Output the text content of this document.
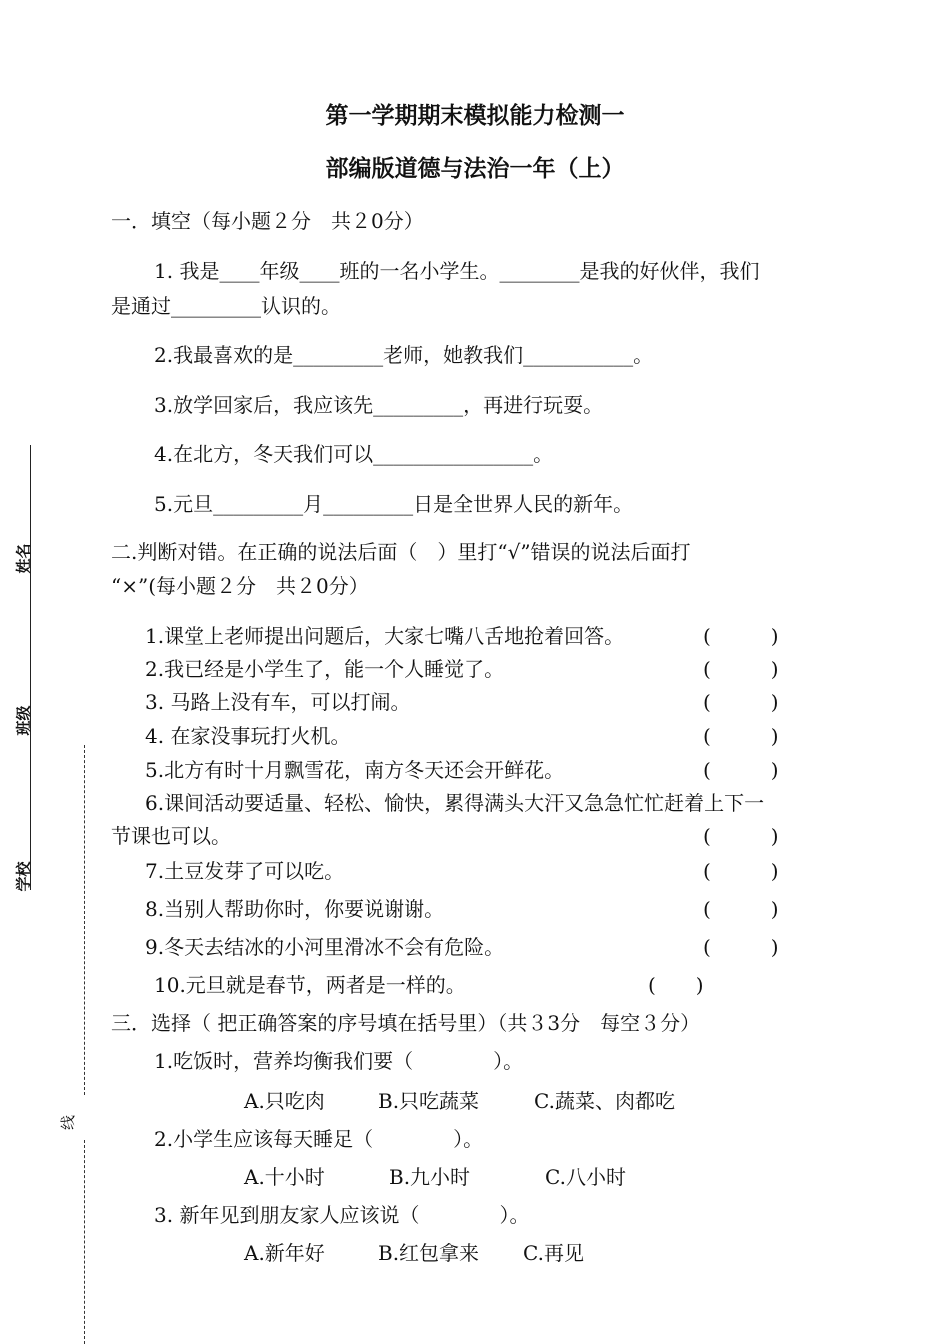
姓名
班级
学校
线
第一学期期末模拟能力检测一
部编版道德与法治一年（上）
一．填空（每小题２分　共２0分）
1. 我是____年级____班的一名小学生。________是我的好伙伴，我们
是通过_________认识的。
2.我最喜欢的是_________老师，她教我们___________。
3.放学回家后，我应该先_________，再进行玩耍。
4.在北方，冬天我们可以________________。
5.元旦_________月_________日是全世界人民的新年。
二.判断对错。在正确的说法后面（　）里打“√”错误的说法后面打
“×”(每小题２分　共２0分）
1.课堂上老师提出问题后，大家七嘴八舌地抢着回答。	(　　　)
2.我已经是小学生了，能一个人睡觉了。	(　　　)
3. 马路上没有车，可以打闹。	(　　　)
4. 在家没事玩打火机。	(　　　)
5.北方有时十月飘雪花，南方冬天还会开鲜花。	(　　　)
6.课间活动要适量、轻松、愉快，累得满头大汗又急急忙忙赶着上下一
节课也可以。	(　　　)
7.土豆发芽了可以吃。	(　　　)
8.当别人帮助你时，你要说谢谢。	(　　　)
9.冬天去结冰的小河里滑冰不会有危险。	(　　　)
10.元旦就是春节，两者是一样的。	(　　)
三．选择（ 把正确答案的序号填在括号里）（共３3分　每空３分）
1.吃饭时，营养均衡我们要（　　　　）。
A.只吃肉	B.只吃蔬菜	C.蔬菜、肉都吃
2.小学生应该每天睡足（　　　　）。
A.十小时	B.九小时	C.八小时
3. 新年见到朋友家人应该说（　　　　）。
A.新年好	B.红包拿来 C.再见
